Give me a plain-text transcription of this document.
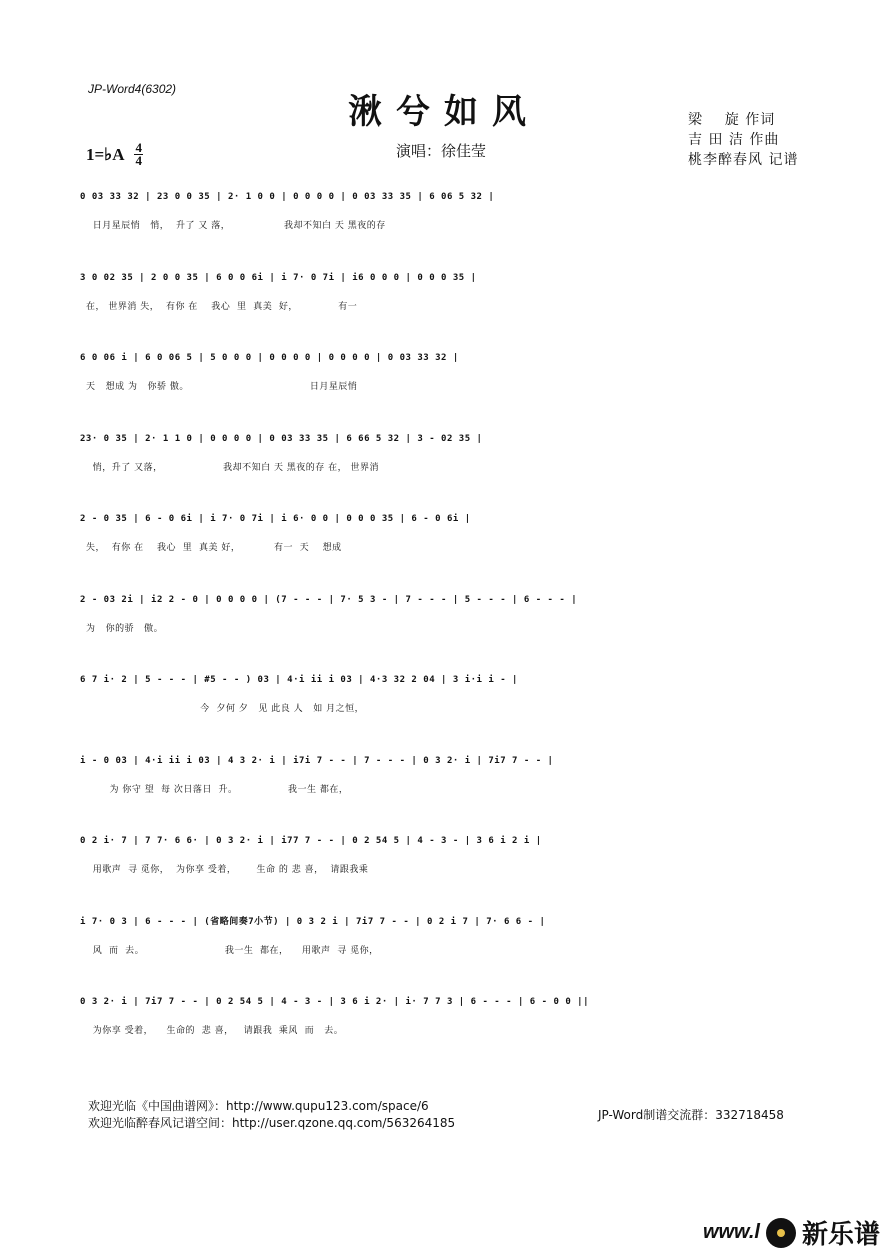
JP-Word4(6302)
湫兮如风
1=♭A $\frac{4}{4}$	演唱：徐佳莹
梁    旋 作词
吉 田 洁 作曲
桃李醉春风 记谱
0 03 33 32 | 23 0 0 35 | 2· 1 0 0 | 0 0 0 0 | 0 03 33 35 | 6 06 5 32 |
日月星辰悄   悄，  升了 又 落，                我却不知白 天 黑夜的存
3 0 02 35 | 2 0 0 35 | 6 0 0 6i | i 7· 0 7i | i6 0 0 0 | 0 0 0 35 |
在， 世界消 失，  有你 在    我心  里  真美  好，            有一
6 0 06 i | 6 0 06 5 | 5 0 0 0 | 0 0 0 0 | 0 0 0 0 | 0 03 33 32 |
天   想成 为   你骄 傲。                                    日月星辰悄
23· 0 35 | 2· 1 1 0 | 0 0 0 0 | 0 03 33 35 | 6 66 5 32 | 3 - 02 35 |
悄，升了 又落，                  我却不知白 天 黑夜的存 在， 世界消
2 - 0 35 | 6 - 0 6i | i 7· 0 7i | i 6· 0 0 | 0 0 0 35 | 6 - 0 6i |
失，  有你 在    我心  里  真美 好，          有一  天    想成
2 - 03 2i | i2 2 - 0 | 0 0 0 0 | (7 - - - | 7· 5 3 - | 7 - - - | 5 - - - | 6 - - - |
为   你的骄   傲。
6 7 i· 2 | 5 - - - | #5 - - ) 03 | 4·i ii i 03 | 4·3 32 2 04 | 3 i·i i - |
今  夕何 夕   见 此良 人   如 月之恒，
i - 0 03 | 4·i ii i 03 | 4 3 2· i | i7i 7 - - | 7 - - - | 0 3 2· i | 7i7 7 - - |
为 你守 望  每 次日落日  升。               我一生 都在，
0 2 i· 7 | 7 7· 6 6· | 0 3 2· i | i77 7 - - | 0 2 54 5 | 4 - 3 - | 3 6 i 2 i |
用歌声  寻 觅你，  为你享 受着，      生命 的 悲 喜，  请跟我乘
i 7· 0 3 | 6 - - - | (省略间奏7小节) | 0 3 2 i | 7i7 7 - - | 0 2 i 7 | 7· 6 6 - |
风  而  去。                        我一生  都在，    用歌声  寻 觅你，
0 3 2· i | 7i7 7 - - | 0 2 54 5 | 4 - 3 - | 3 6 i 2· | i· 7 7 3 | 6 - - - | 6 - 0 0 ||
为你享 受着，    生命的  悲 喜，   请跟我  乘风  而   去。
欢迎光临《中国曲谱网》：http://www.qupu123.com/space/6
欢迎光临醉春风记谱空间：http://user.qzone.qq.com/563264185
JP-Word制谱交流群：332718458
www.l 新乐谱
